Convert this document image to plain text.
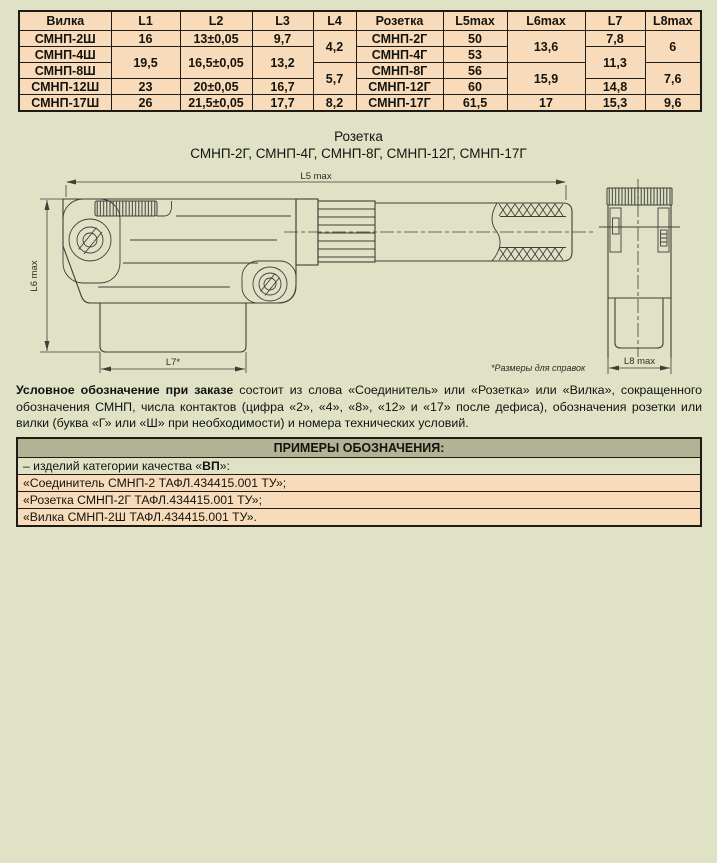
Вилка	L1	L2	L3	L4	Розетка	L5max	L6max	L7	L8max
СМНП-2Ш	16	13±0,05	9,7	4,2	СМНП-2Г	50	13,6	7,8	6
СМНП-4Ш	19,5	16,5±0,05	13,2		СМНП-4Г	53		11,3	
СМНП-8Ш				5,7	СМНП-8Г	56	15,9		7,6
СМНП-12Ш	23	20±0,05	16,7		СМНП-12Г	60		14,8	
СМНП-17Ш	26	21,5±0,05	17,7	8,2	СМНП-17Г	61,5	17	15,3	9,6
Розетка
СМНП-2Г, СМНП-4Г, СМНП-8Г, СМНП-12Г, СМНП-17Г
L5 max
L6 max
L7*	L8 max
*Размеры для справок
Условное обозначение при заказе состоит из слова «Соединитель» или «Розетка» или «Вилка», сокращенного обозначения СМНП, числа контактов (цифра «2», «4», «8», «12» и «17» после дефиса), обозначения розетки или вилки (буква «Г» или «Ш» при необходимости) и номера технических условий.
ПРИМЕРЫ ОБОЗНАЧЕНИЯ:
– изделий категории качества «ВП»:
«Соединитель СМНП-2 ТАФЛ.434415.001 ТУ»;
«Розетка СМНП-2Г ТАФЛ.434415.001 ТУ»;
«Вилка СМНП-2Ш ТАФЛ.434415.001 ТУ».
